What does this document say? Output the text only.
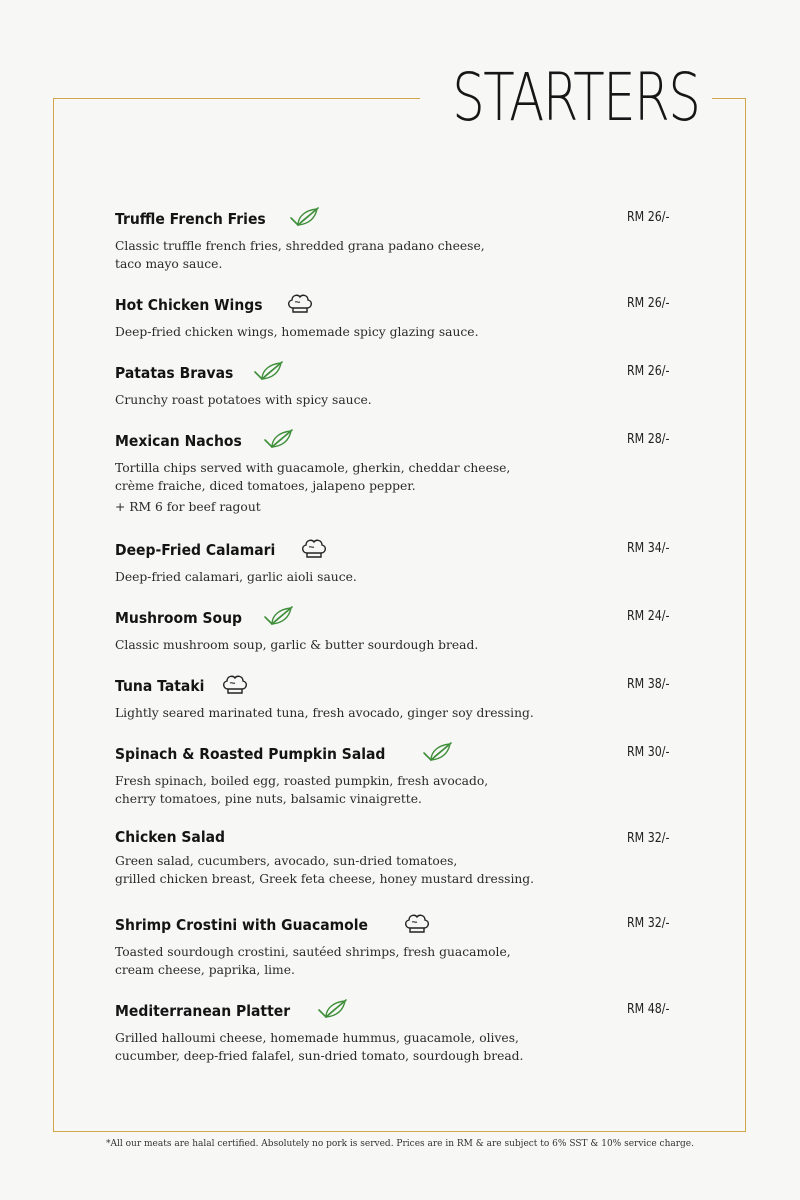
STARTERS
Truffle French Fries	RM 26/-
Classic truffle french fries, shredded grana padano cheese,
taco mayo sauce.
Hot Chicken Wings	RM 26/-
Deep-fried chicken wings, homemade spicy glazing sauce.
Patatas Bravas	RM 26/-
Crunchy roast potatoes with spicy sauce.
Mexican Nachos	RM 28/-
Tortilla chips served with guacamole, gherkin, cheddar cheese,
crème fraiche, diced tomatoes, jalapeno pepper.
+ RM 6 for beef ragout
Deep-Fried Calamari	RM 34/-
Deep-fried calamari, garlic aioli sauce.
Mushroom Soup	RM 24/-
Classic mushroom soup, garlic & butter sourdough bread.
Tuna Tataki	RM 38/-
Lightly seared marinated tuna, fresh avocado, ginger soy dressing.
Spinach & Roasted Pumpkin Salad	RM 30/-
Fresh spinach, boiled egg, roasted pumpkin, fresh avocado,
cherry tomatoes, pine nuts, balsamic vinaigrette.
Chicken Salad	RM 32/-
Green salad, cucumbers, avocado, sun-dried tomatoes,
grilled chicken breast, Greek feta cheese, honey mustard dressing.
Shrimp Crostini with Guacamole	RM 32/-
Toasted sourdough crostini, sautéed shrimps, fresh guacamole,
cream cheese, paprika, lime.
Mediterranean Platter	RM 48/-
Grilled halloumi cheese, homemade hummus, guacamole, olives,
cucumber, deep-fried falafel, sun-dried tomato, sourdough bread.
*All our meats are halal certified. Absolutely no pork is served. Prices are in RM & are subject to 6% SST & 10% service charge.
